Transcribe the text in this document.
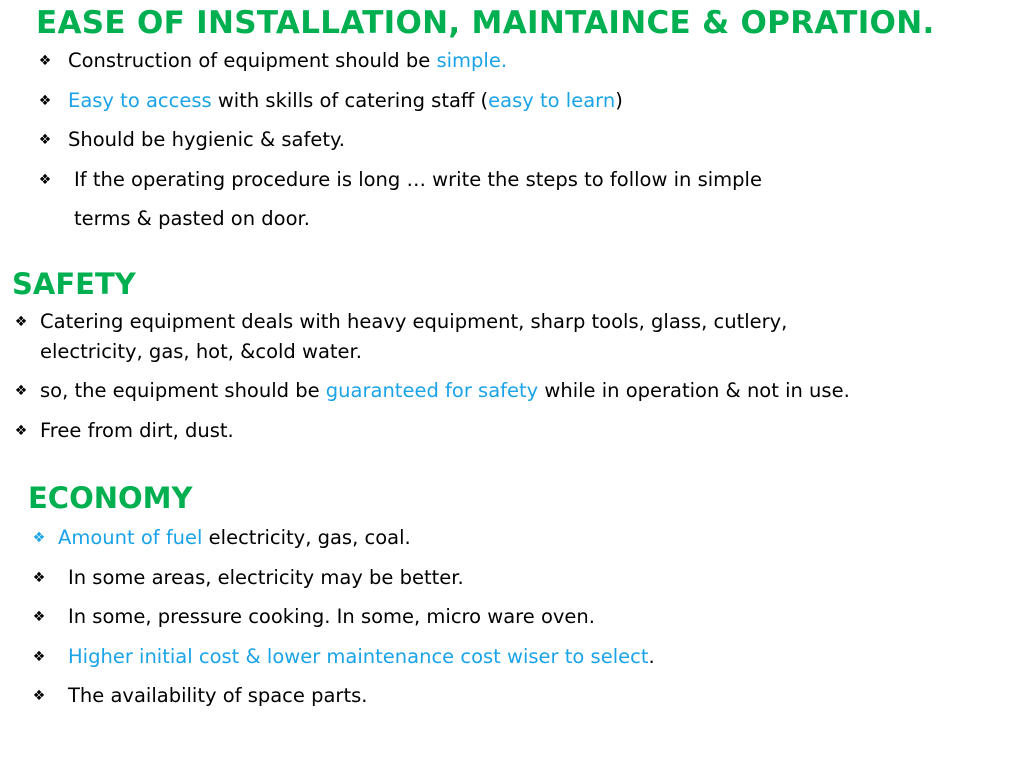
EASE OF INSTALLATION, MAINTAINCE & OPRATION.
❖ Construction of equipment should be simple.
❖ Easy to access with skills of catering staff (easy to learn)
❖ Should be hygienic & safety.
❖	If the operating procedure is long … write the steps to follow in simple
terms & pasted on door.
SAFETY
❖ Catering equipment deals with heavy equipment, sharp tools, glass, cutlery,
electricity, gas, hot, &cold water.
❖ so, the equipment should be guaranteed for safety while in operation & not in use.
❖ Free from dirt, dust.
ECONOMY
❖ Amount of fuel electricity, gas, coal.
❖	In some areas, electricity may be better.
❖	In some, pressure cooking. In some, micro ware oven.
❖	Higher initial cost & lower maintenance cost wiser to select.
❖	The availability of space parts.
